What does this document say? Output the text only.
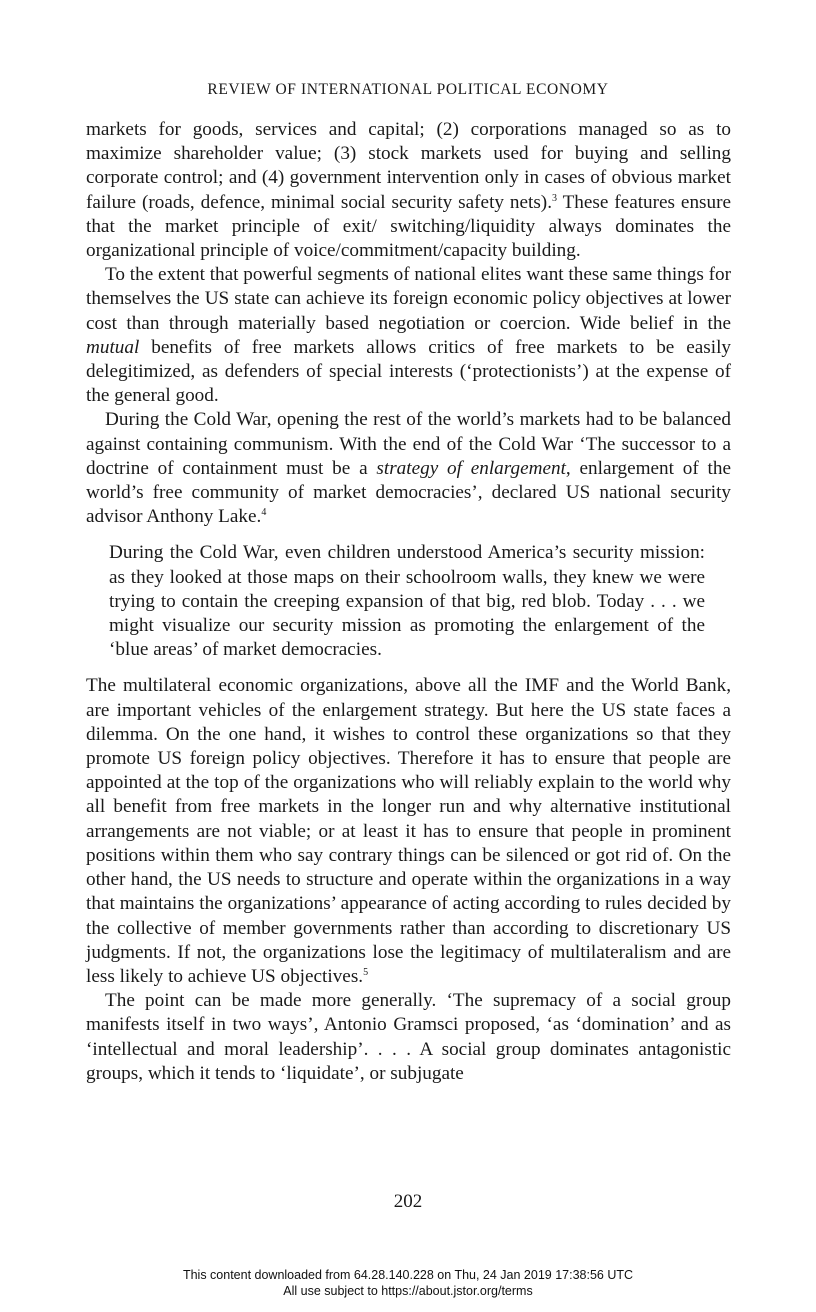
REVIEW OF INTERNATIONAL POLITICAL ECONOMY

markets for goods, services and capital; (2) corporations managed so as to maximize shareholder value; (3) stock markets used for buying and selling corporate control; and (4) government intervention only in cases of obvious market failure (roads, defence, minimal social security safety nets).$^3$ These features ensure that the market principle of exit/ switching/liquidity always dominates the organizational principle of voice/commitment/capacity building.

To the extent that powerful segments of national elites want these same things for themselves the US state can achieve its foreign economic policy objectives at lower cost than through materially based negotiation or coercion. Wide belief in the mutual benefits of free markets allows critics of free markets to be easily delegitimized, as defenders of special interests (‘protectionists’) at the expense of the general good.

During the Cold War, opening the rest of the world’s markets had to be balanced against containing communism. With the end of the Cold War ‘The successor to a doctrine of containment must be a strategy of enlargement, enlargement of the world’s free community of market democracies’, declared US national security advisor Anthony Lake.$^4$

During the Cold War, even children understood America’s security mission: as they looked at those maps on their schoolroom walls, they knew we were trying to contain the creeping expansion of that big, red blob. Today . . . we might visualize our security mission as promoting the enlargement of the ‘blue areas’ of market democracies.

The multilateral economic organizations, above all the IMF and the World Bank, are important vehicles of the enlargement strategy. But here the US state faces a dilemma. On the one hand, it wishes to control these organizations so that they promote US foreign policy objectives. Therefore it has to ensure that people are appointed at the top of the organizations who will reliably explain to the world why all benefit from free markets in the longer run and why alternative institutional arrangements are not viable; or at least it has to ensure that people in prominent positions within them who say contrary things can be silenced or got rid of. On the other hand, the US needs to structure and operate within the organizations in a way that maintains the organizations’ appearance of acting according to rules decided by the collective of member governments rather than according to discretionary US judgments. If not, the organizations lose the legitimacy of multilateralism and are less likely to achieve US objectives.$^5$

The point can be made more generally. ‘The supremacy of a social group manifests itself in two ways’, Antonio Gramsci proposed, ‘as ‘domination’ and as ‘intellectual and moral leadership’. . . . A social group dominates antagonistic groups, which it tends to ‘liquidate’, or subjugate

202
This content downloaded from 64.28.140.228 on Thu, 24 Jan 2019 17:38:56 UTC
All use subject to https://about.jstor.org/terms
